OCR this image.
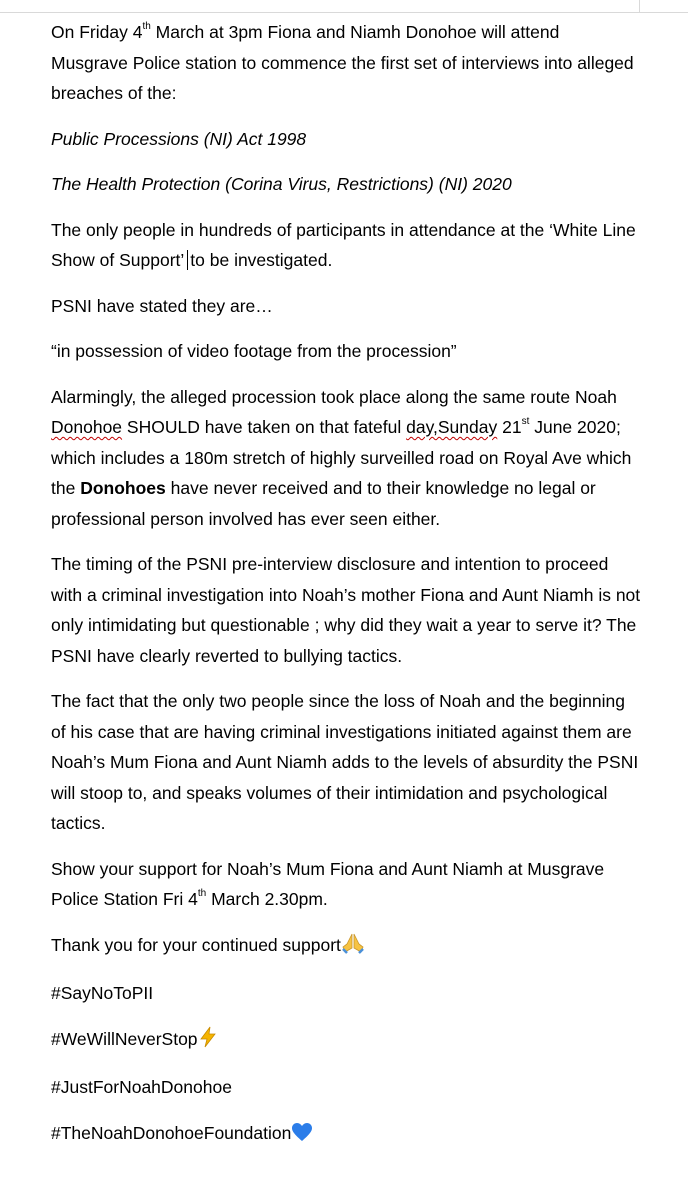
On Friday 4th March at 3pm Fiona and Niamh Donohoe will attend Musgrave Police station to commence the first set of interviews into alleged breaches of the:

Public Processions (NI) Act 1998

The Health Protection (Corina Virus, Restrictions) (NI) 2020

The only people in hundreds of participants in attendance at the ‘White Line Show of Support’ to be investigated.

PSNI have stated they are…

“in possession of video footage from the procession”

Alarmingly, the alleged procession took place along the same route Noah Donohoe SHOULD have taken on that fateful day,Sunday 21st June 2020; which includes a 180m stretch of highly surveilled road on Royal Ave which the Donohoes have never received and to their knowledge no legal or professional person involved has ever seen either.

The timing of the PSNI pre-interview disclosure and intention to proceed with a criminal investigation into Noah’s mother Fiona and Aunt Niamh is not only intimidating but questionable ; why did they wait a year to serve it? The PSNI have clearly reverted to bullying tactics.

The fact that the only two people since the loss of Noah and the beginning of his case that are having criminal investigations initiated against them are Noah’s Mum Fiona and Aunt Niamh adds to the levels of absurdity the PSNI will stoop to, and speaks volumes of their intimidation and psychological tactics.

Show your support for Noah’s Mum Fiona and Aunt Niamh at Musgrave Police Station Fri 4th March 2.30pm.

Thank you for your continued support

#SayNoToPII

#WeWillNeverStop

#JustForNoahDonohoe

#TheNoahDonohoeFoundation
